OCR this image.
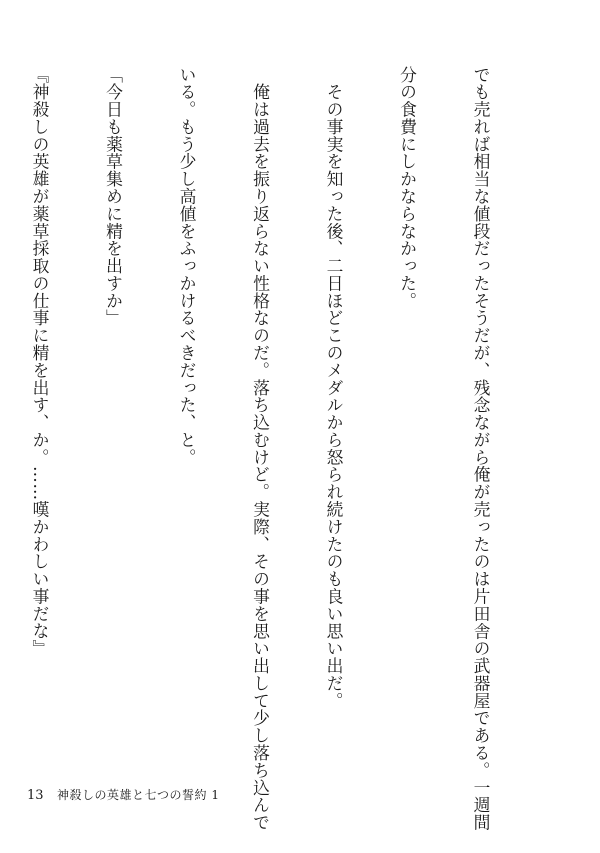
でも売れば相当な値段だったそうだが、残念ながら俺が売ったのは片田舎の武器屋である。一週間

分の食費にしかならなかった。

　その事実を知った後、二日ほどこのメダルから怒られ続けたのも良い思い出だ。

　俺は過去を振り返らない性格なのだ。落ち込むけど。実際、その事を思い出して少し落ち込んで

いる。もう少し高値をふっかけるべきだった、と。

「今日も薬草集めに精を出すか」

『神殺しの英雄が薬草採取の仕事に精を出す、か。……嘆かわしい事だな』

13 神殺しの英雄と七つの誓約 1
